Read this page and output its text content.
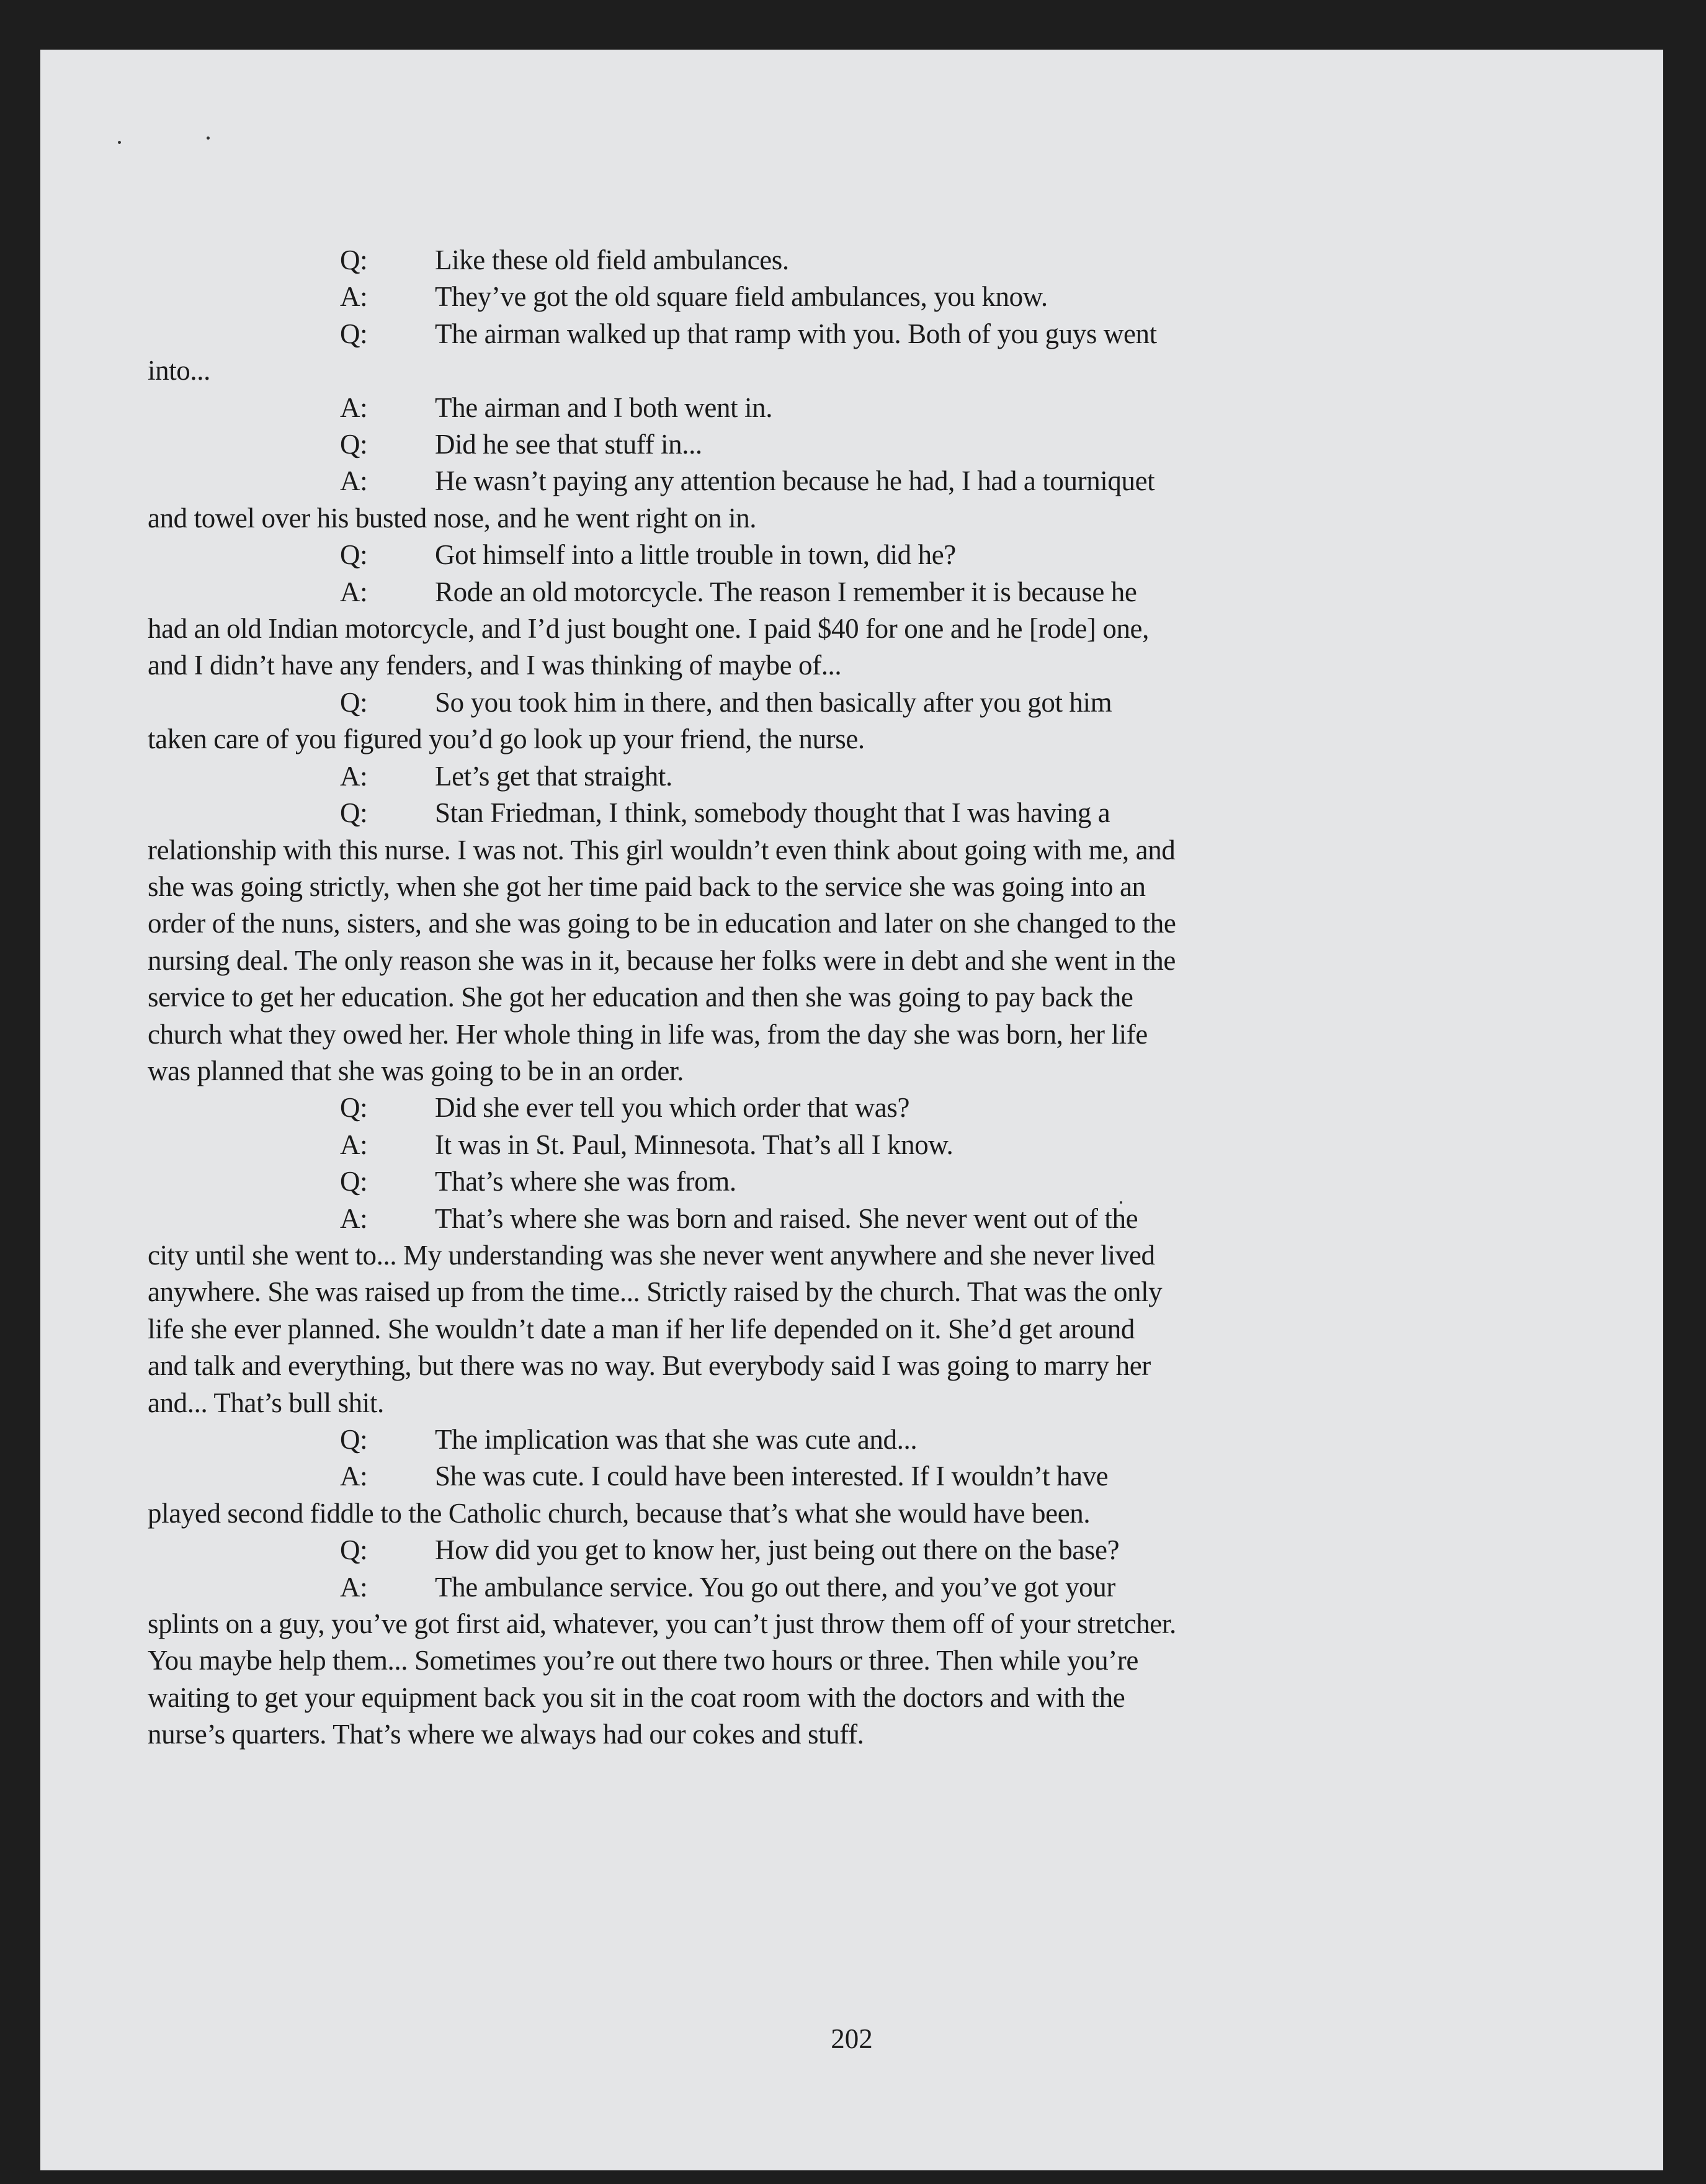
Q: Like these old field ambulances.

A: They’ve got the old square field ambulances, you know.

Q: The airman walked up that ramp with you. Both of you guys went into...

A: The airman and I both went in.

Q: Did he see that stuff in...

A: He wasn’t paying any attention because he had, I had a tourniquet and towel over his busted nose, and he went right on in.

Q: Got himself into a little trouble in town, did he?

A: Rode an old motorcycle. The reason I remember it is because he had an old Indian motorcycle, and I’d just bought one. I paid $40 for one and he [rode] one, and I didn’t have any fenders, and I was thinking of maybe of...

Q: So you took him in there, and then basically after you got him taken care of you figured you’d go look up your friend, the nurse.

A: Let’s get that straight.

Q: Stan Friedman, I think, somebody thought that I was having a relationship with this nurse. I was not. This girl wouldn’t even think about going with me, and she was going strictly, when she got her time paid back to the service she was going into an order of the nuns, sisters, and she was going to be in education and later on she changed to the nursing deal. The only reason she was in it, because her folks were in debt and she went in the service to get her education. She got her education and then she was going to pay back the church what they owed her. Her whole thing in life was, from the day she was born, her life was planned that she was going to be in an order.

Q: Did she ever tell you which order that was?

A: It was in St. Paul, Minnesota. That’s all I know.

Q: That’s where she was from.

A: That’s where she was born and raised. She never went out of the city until she went to... My understanding was she never went anywhere and she never lived anywhere. She was raised up from the time... Strictly raised by the church. That was the only life she ever planned. She wouldn’t date a man if her life depended on it. She’d get around and talk and everything, but there was no way. But everybody said I was going to marry her and... That’s bull shit.

Q: The implication was that she was cute and...

A: She was cute. I could have been interested. If I wouldn’t have played second fiddle to the Catholic church, because that’s what she would have been.

Q: How did you get to know her, just being out there on the base?

A: The ambulance service. You go out there, and you’ve got your splints on a guy, you’ve got first aid, whatever, you can’t just throw them off of your stretcher. You maybe help them... Sometimes you’re out there two hours or three. Then while you’re waiting to get your equipment back you sit in the coat room with the doctors and with the nurse’s quarters. That’s where we always had our cokes and stuff.

202
